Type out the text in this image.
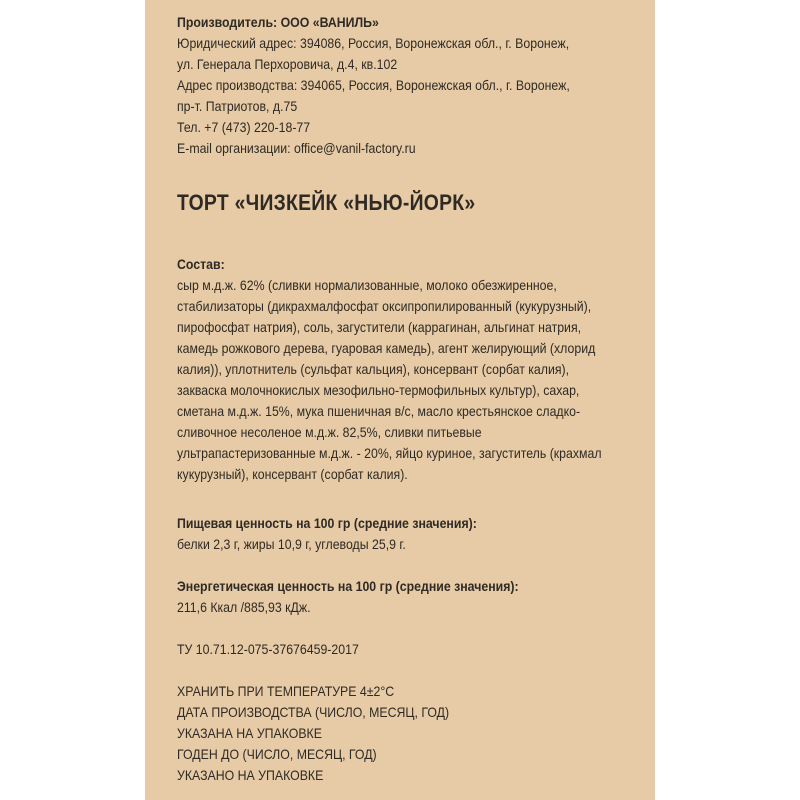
Производитель: ООО «ВАНИЛЬ»
Юридический адрес: 394086, Россия, Воронежская обл., г. Воронеж,
ул. Генерала Перхоровича, д.4, кв.102
Адрес производства: 394065, Россия, Воронежская обл., г. Воронеж,
пр-т. Патриотов, д.75
Тел. +7 (473) 220-18-77
E-mail организации: office@vanil-factory.ru
ТОРТ «ЧИЗКЕЙК «НЬЮ-ЙОРК»
Состав:
сыр м.д.ж. 62% (сливки нормализованные, молоко обезжиренное,
стабилизаторы (дикрахмалфосфат оксипропилированный (кукурузный),
пирофосфат натрия), соль, загустители (каррагинан, альгинат натрия,
камедь рожкового дерева, гуаровая камедь), агент желирующий (хлорид
калия)), уплотнитель (сульфат кальция), консервант (сорбат калия),
закваска молочнокислых мезофильно-термофильных культур), сахар,
сметана м.д.ж. 15%, мука пшеничная в/с, масло крестьянское сладко-
сливочное несоленое м.д.ж. 82,5%, сливки питьевые
ультрапастеризованные м.д.ж. - 20%, яйцо куриное, загуститель (крахмал
кукурузный), консервант (сорбат калия).
Пищевая ценность на 100 гр (средние значения):
белки 2,3 г, жиры 10,9 г, углеводы 25,9 г.
Энергетическая ценность на 100 гр (средние значения):
211,6 Ккал /885,93 кДж.
ТУ 10.71.12-075-37676459-2017
ХРАНИТЬ ПРИ ТЕМПЕРАТУРЕ 4±2°С
ДАТА ПРОИЗВОДСТВА (ЧИСЛО, МЕСЯЦ, ГОД)
УКАЗАНА НА УПАКОВКЕ
ГОДЕН ДО (ЧИСЛО, МЕСЯЦ, ГОД)
УКАЗАНО НА УПАКОВКЕ
